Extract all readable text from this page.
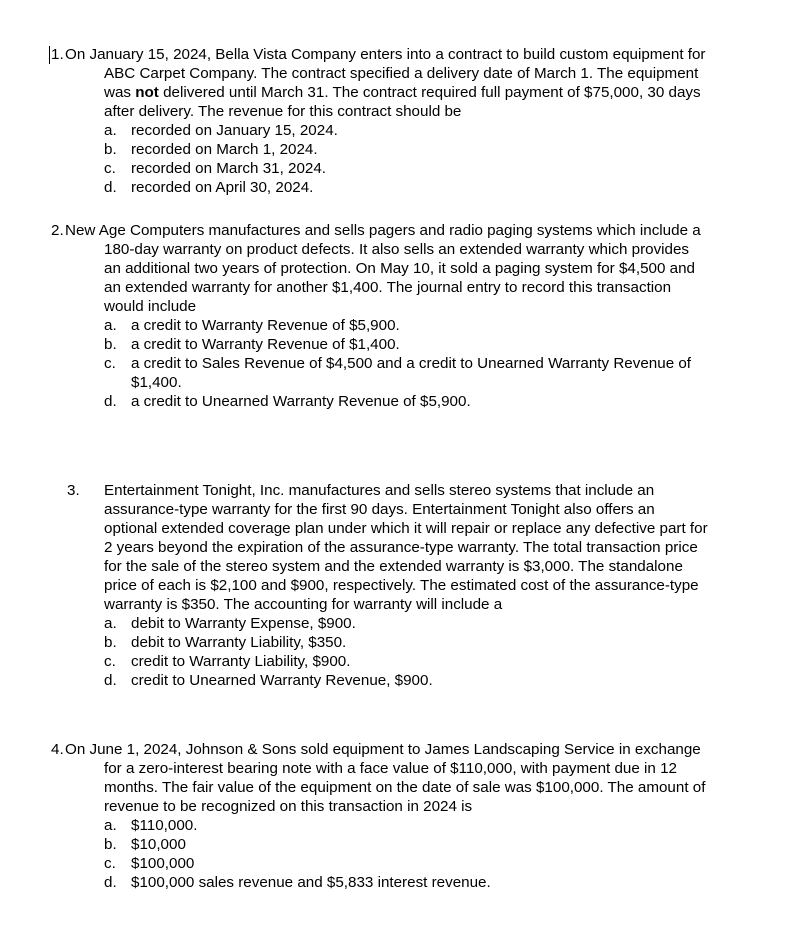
1. On January 15, 2024, Bella Vista Company enters into a contract to build custom equipment for
ABC Carpet Company. The contract specified a delivery date of March 1. The equipment
was not delivered until March 31. The contract required full payment of $75,000, 30 days
after delivery. The revenue for this contract should be
a. recorded on January 15, 2024.
b. recorded on March 1, 2024.
c. recorded on March 31, 2024.
d. recorded on April 30, 2024.
2. New Age Computers manufactures and sells pagers and radio paging systems which include a
180-day warranty on product defects. It also sells an extended warranty which provides
an additional two years of protection. On May 10, it sold a paging system for $4,500 and
an extended warranty for another $1,400. The journal entry to record this transaction
would include
a. a credit to Warranty Revenue of $5,900.
b. a credit to Warranty Revenue of $1,400.
c. a credit to Sales Revenue of $4,500 and a credit to Unearned Warranty Revenue of
$1,400.
d. a credit to Unearned Warranty Revenue of $5,900.
3. Entertainment Tonight, Inc. manufactures and sells stereo systems that include an
assurance-type warranty for the first 90 days. Entertainment Tonight also offers an
optional extended coverage plan under which it will repair or replace any defective part for
2 years beyond the expiration of the assurance-type warranty. The total transaction price
for the sale of the stereo system and the extended warranty is $3,000. The standalone
price of each is $2,100 and $900, respectively. The estimated cost of the assurance-type
warranty is $350. The accounting for warranty will include a
a. debit to Warranty Expense, $900.
b. debit to Warranty Liability, $350.
c. credit to Warranty Liability, $900.
d. credit to Unearned Warranty Revenue, $900.
4. On June 1, 2024, Johnson & Sons sold equipment to James Landscaping Service in exchange
for a zero-interest bearing note with a face value of $110,000, with payment due in 12
months. The fair value of the equipment on the date of sale was $100,000. The amount of
revenue to be recognized on this transaction in 2024 is
a. $110,000.
b. $10,000
c. $100,000
d. $100,000 sales revenue and $5,833 interest revenue.
